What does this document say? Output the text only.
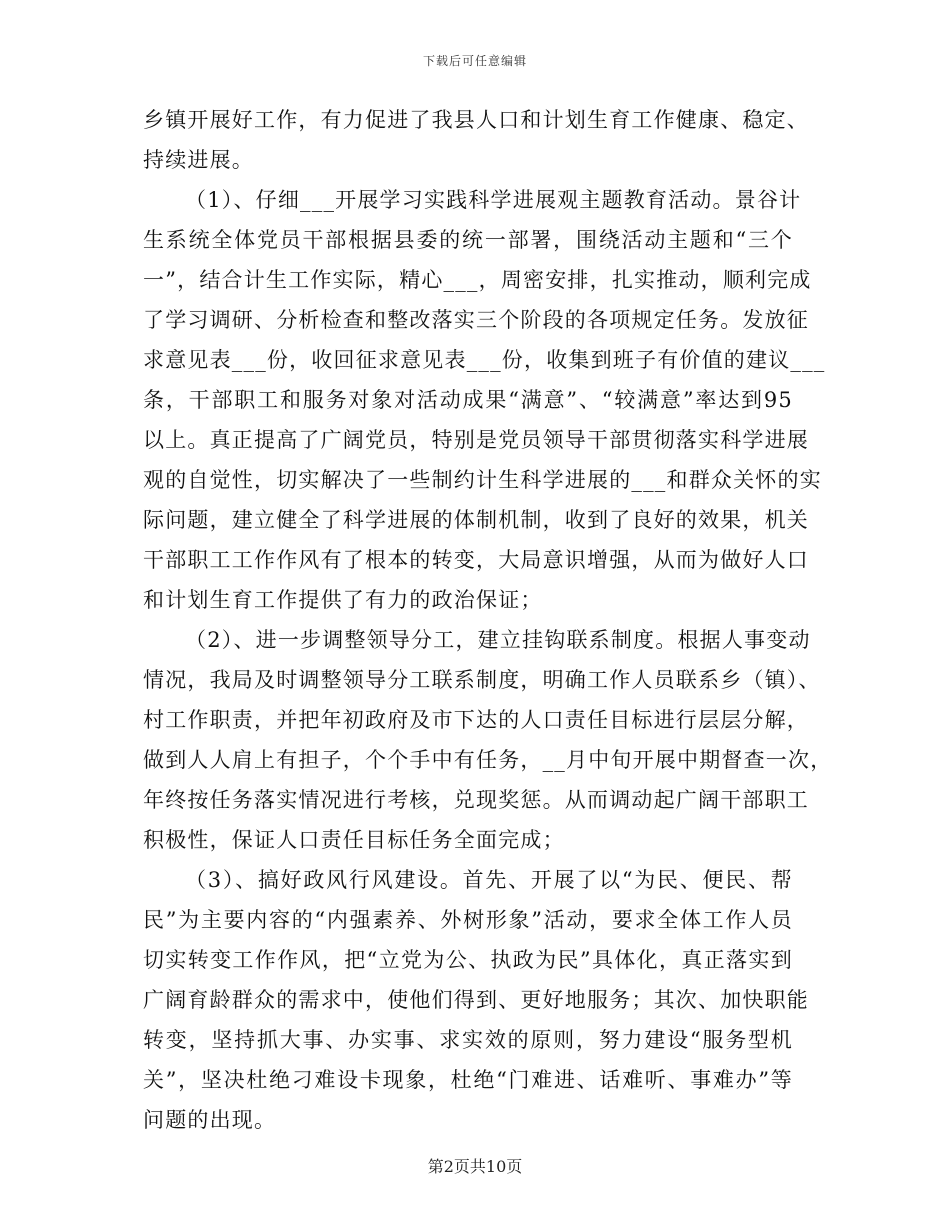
下载后可任意编辑
乡镇开展好工作，有力促进了我县人口和计划生育工作健康、稳定、
持续进展。
（1）、仔细___开展学习实践科学进展观主题教育活动。景谷计
生系统全体党员干部根据县委的统一部署，围绕活动主题和“三个
一”，结合计生工作实际，精心___，周密安排，扎实推动，顺利完成
了学习调研、分析检查和整改落实三个阶段的各项规定任务。发放征
求意见表___份，收回征求意见表___份，收集到班子有价值的建议___
条，干部职工和服务对象对活动成果“满意”、“较满意”率达到95
以上。真正提高了广阔党员，特别是党员领导干部贯彻落实科学进展
观的自觉性，切实解决了一些制约计生科学进展的___和群众关怀的实
际问题，建立健全了科学进展的体制机制，收到了良好的效果，机关
干部职工工作作风有了根本的转变，大局意识增强，从而为做好人口
和计划生育工作提供了有力的政治保证；
（2）、进一步调整领导分工，建立挂钩联系制度。根据人事变动
情况，我局及时调整领导分工联系制度，明确工作人员联系乡（镇）、
村工作职责，并把年初政府及市下达的人口责任目标进行层层分解，
做到人人肩上有担子，个个手中有任务，__月中旬开展中期督查一次，
年终按任务落实情况进行考核，兑现奖惩。从而调动起广阔干部职工
积极性，保证人口责任目标任务全面完成；
（3）、搞好政风行风建设。首先、开展了以“为民、便民、帮
民”为主要内容的“内强素养、外树形象”活动，要求全体工作人员
切实转变工作作风，把“立党为公、执政为民”具体化，真正落实到
广阔育龄群众的需求中，使他们得到、更好地服务；其次、加快职能
转变，坚持抓大事、办实事、求实效的原则，努力建设“服务型机
关”，坚决杜绝刁难设卡现象，杜绝“门难进、话难听、事难办”等
问题的出现。
第2页共10页
